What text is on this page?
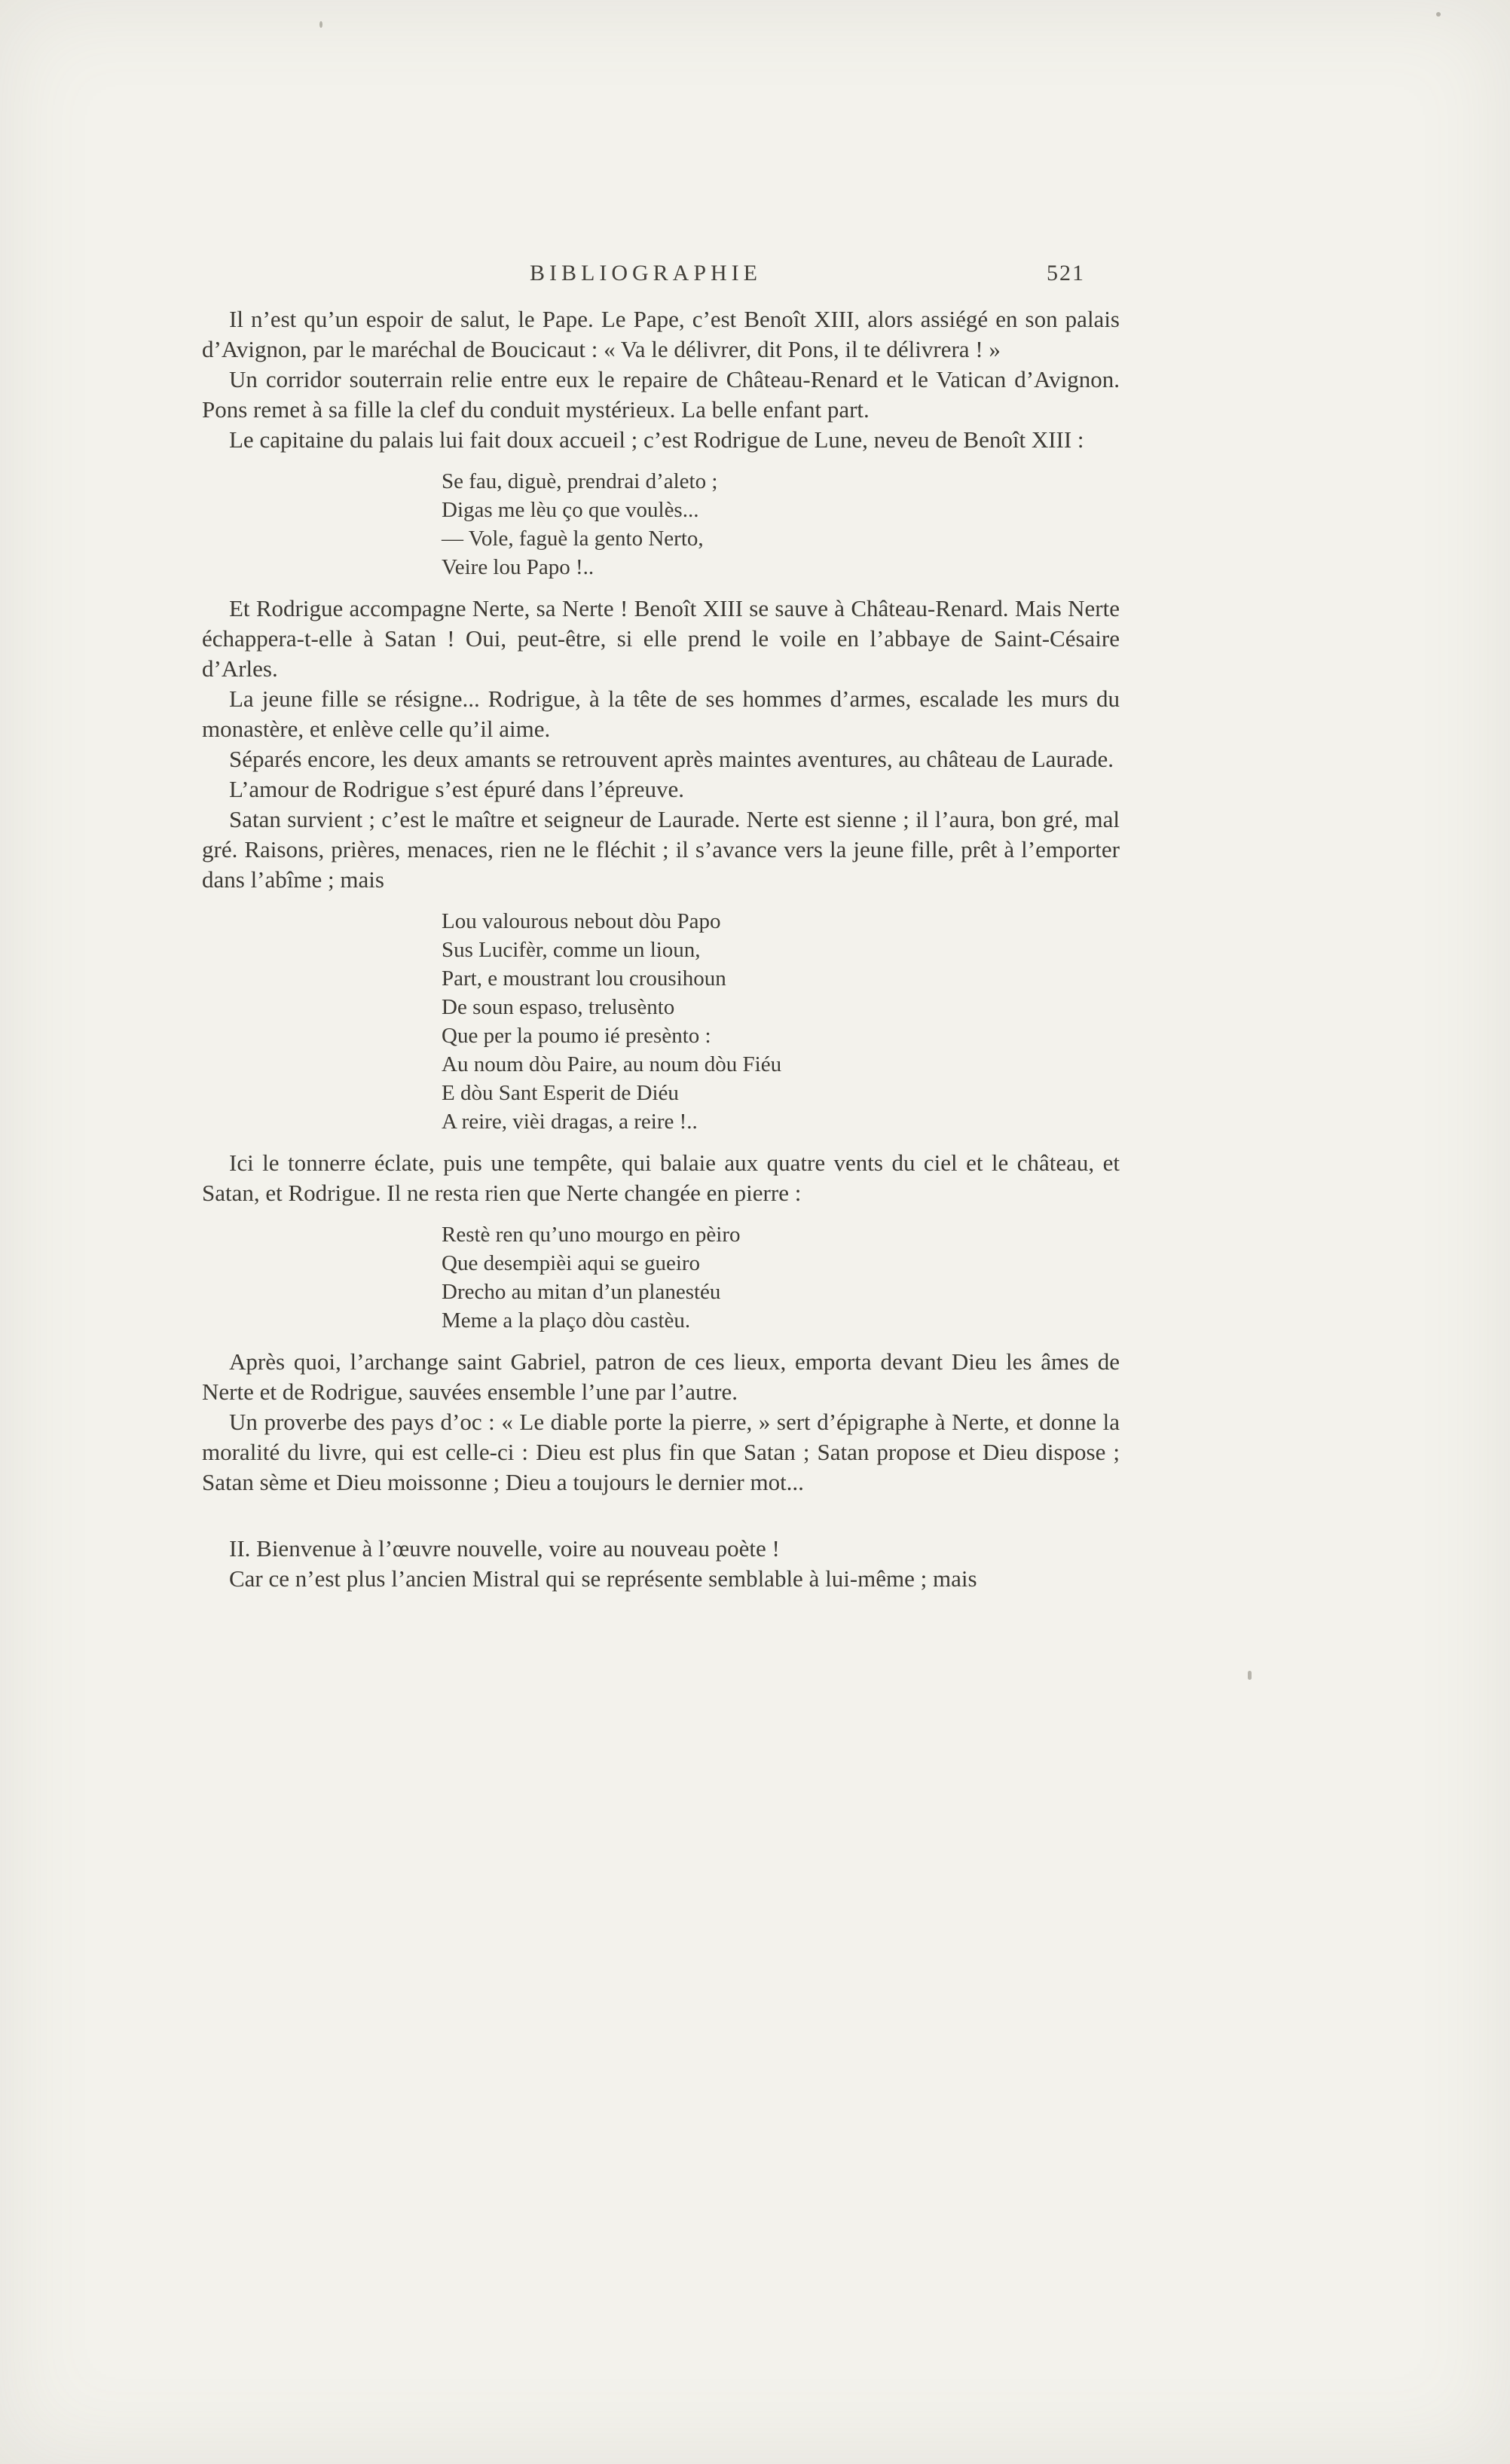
BIBLIOGRAPHIE	521

Il n’est qu’un espoir de salut, le Pape. Le Pape, c’est Benoît XIII, alors assiégé en son palais d’Avignon, par le maréchal de Boucicaut : « Va le délivrer, dit Pons, il te délivrera ! »

Un corridor souterrain relie entre eux le repaire de Château-Renard et le Vatican d’Avignon. Pons remet à sa fille la clef du conduit mystérieux. La belle enfant part.

Le capitaine du palais lui fait doux accueil ; c’est Rodrigue de Lune, neveu de Benoît XIII :

Se fau, diguè, prendrai d’aleto ;
Digas me lèu ço que voulès...
— Vole, faguè la gento Nerto,
Veire lou Papo !..

Et Rodrigue accompagne Nerte, sa Nerte ! Benoît XIII se sauve à Château-Renard. Mais Nerte échappera-t-elle à Satan ! Oui, peut-être, si elle prend le voile en l’abbaye de Saint-Césaire d’Arles.

La jeune fille se résigne... Rodrigue, à la tête de ses hommes d’armes, escalade les murs du monastère, et enlève celle qu’il aime.

Séparés encore, les deux amants se retrouvent après maintes aventures, au château de Laurade.

L’amour de Rodrigue s’est épuré dans l’épreuve.

Satan survient ; c’est le maître et seigneur de Laurade. Nerte est sienne ; il l’aura, bon gré, mal gré. Raisons, prières, menaces, rien ne le fléchit ; il s’avance vers la jeune fille, prêt à l’emporter dans l’abîme ; mais

Lou valourous nebout dòu Papo
Sus Lucifèr, comme un lioun,
Part, e moustrant lou crousihoun
De soun espaso, trelusènto
Que per la poumo ié presènto :
Au noum dòu Paire, au noum dòu Fiéu
E dòu Sant Esperit de Diéu
A reire, vièi dragas, a reire !..

Ici le tonnerre éclate, puis une tempête, qui balaie aux quatre vents du ciel et le château, et Satan, et Rodrigue. Il ne resta rien que Nerte changée en pierre :

Restè ren qu’uno mourgo en pèiro
Que desempièi aqui se gueiro
Drecho au mitan d’un planestéu
Meme a la plaço dòu castèu.

Après quoi, l’archange saint Gabriel, patron de ces lieux, emporta devant Dieu les âmes de Nerte et de Rodrigue, sauvées ensemble l’une par l’autre.

Un proverbe des pays d’oc : « Le diable porte la pierre, » sert d’épigraphe à Nerte, et donne la moralité du livre, qui est celle-ci : Dieu est plus fin que Satan ; Satan propose et Dieu dispose ; Satan sème et Dieu moissonne ; Dieu a toujours le dernier mot...

II. Bienvenue à l’œuvre nouvelle, voire au nouveau poète !

Car ce n’est plus l’ancien Mistral qui se représente semblable à lui-même ; mais
